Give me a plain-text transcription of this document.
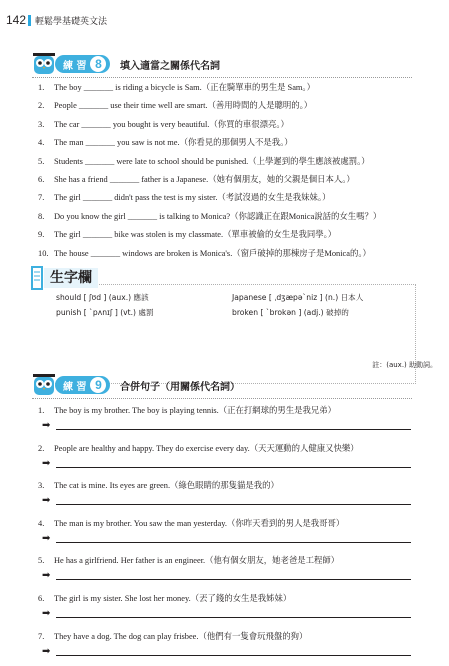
142 輕鬆學基礎英文法
練 習 8	填入適當之關係代名詞
1. The boy _______ is riding a bicycle is Sam.（正在騎單車的男生是 Sam。）
2. People _______ use their time well are smart.（善用時間的人是聰明的。）
3. The car _______ you bought is very beautiful.（你買的車很漂亮。）
4. The man _______ you saw is not me.（你看見的那個男人不是我。）
5. Students _______ were late to school should be punished.（上學遲到的學生應該被處罰。）
6. She has a friend _______ father is a Japanese.（她有個朋友，她的父親是個日本人。）
7. The girl _______ didn't pass the test is my sister.（考試沒過的女生是我妹妹。）
8. Do you know the girl _______ is talking to Monica?（你認識正在跟Monica說話的女生嗎？）
9. The girl _______ bike was stolen is my classmate.（單車被偷的女生是我同學。）
10. The house _______ windows are broken is Monica's.（窗戶破掉的那棟房子是Monica的。）
生字欄
should [ ʃʊd ] (aux.) 應該	Japanese [ ˌdʒæpə`niz ] (n.) 日本人
punish [ `pʌnɪʃ ] (vt.) 處罰	broken [ `brokən ] (adj.) 破掉的
註：(aux.) 助動詞。
練 習 9	合併句子（用關係代名詞）
1. The boy is my brother. The boy is playing tennis.（正在打網球的男生是我兄弟）
➡
2. People are healthy and happy. They do exercise every day.（天天運動的人健康又快樂）
➡
3. The cat is mine. Its eyes are green.（綠色眼睛的那隻貓是我的）
➡
4. The man is my brother. You saw the man yesterday.（你昨天看到的男人是我哥哥）
➡
5. He has a girlfriend. Her father is an engineer.（他有個女朋友，她老爸是工程師）
➡
6. The girl is my sister. She lost her money.（丟了錢的女生是我姊妹）
➡
7. They have a dog. The dog can play frisbee.（他們有一隻會玩飛盤的狗）
➡
